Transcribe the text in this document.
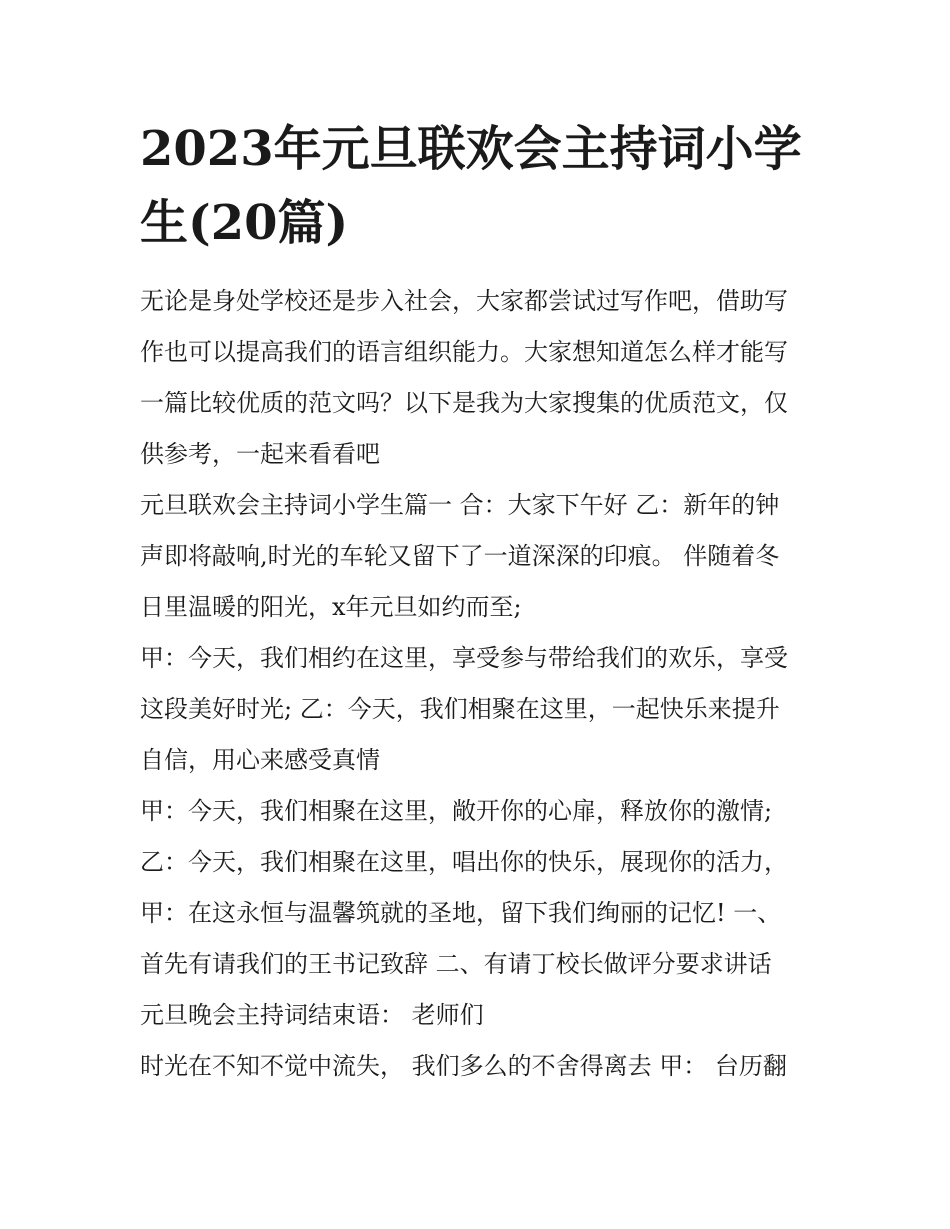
2023年元旦联欢会主持词小学
生(20篇)
无论是身处学校还是步入社会，大家都尝试过写作吧，借助写
作也可以提高我们的语言组织能力。大家想知道怎么样才能写
一篇比较优质的范文吗？以下是我为大家搜集的优质范文，仅
供参考，一起来看看吧
元旦联欢会主持词小学生篇一 合：大家下午好 乙：新年的钟
声即将敲响,时光的车轮又留下了一道深深的印痕。 伴随着冬
日里温暖的阳光，x年元旦如约而至;
甲：今天，我们相约在这里，享受参与带给我们的欢乐，享受
这段美好时光; 乙：今天，我们相聚在这里，一起快乐来提升
自信，用心来感受真情
甲：今天，我们相聚在这里，敞开你的心扉，释放你的激情;
乙：今天，我们相聚在这里，唱出你的快乐，展现你的活力，
甲：在这永恒与温馨筑就的圣地，留下我们绚丽的记忆! 一、
首先有请我们的王书记致辞 二、有请丁校长做评分要求讲话
元旦晚会主持词结束语： 老师们
时光在不知不觉中流失， 我们多么的不舍得离去 甲： 台历翻
